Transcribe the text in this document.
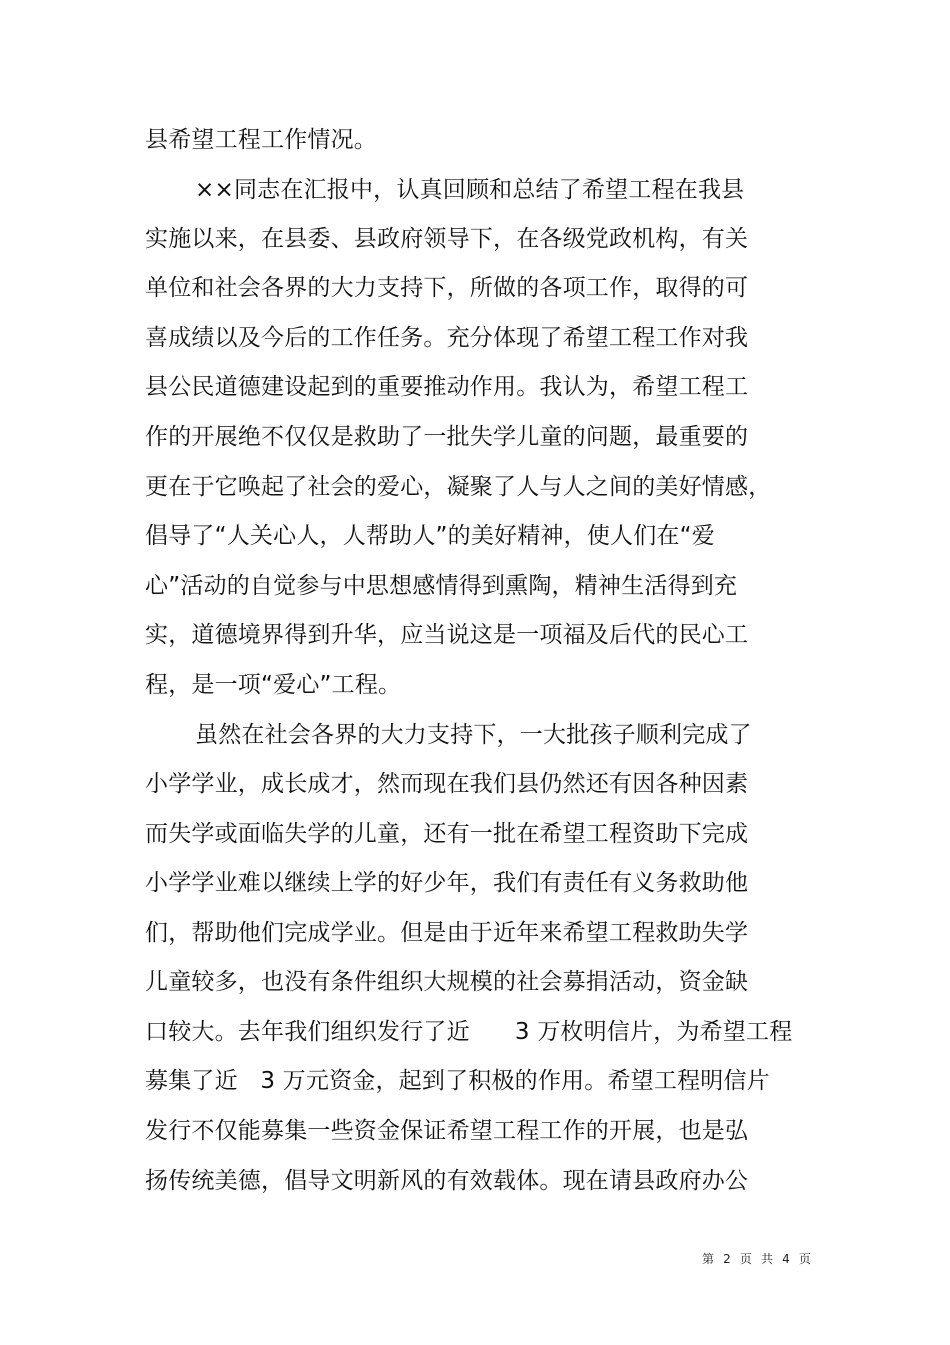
县希望工程工作情况。
××同志在汇报中，认真回顾和总结了希望工程在我县
实施以来，在县委、县政府领导下，在各级党政机构，有关
单位和社会各界的大力支持下，所做的各项工作，取得的可
喜成绩以及今后的工作任务。充分体现了希望工程工作对我
县公民道德建设起到的重要推动作用。我认为，希望工程工
作的开展绝不仅仅是救助了一批失学儿童的问题，最重要的
更在于它唤起了社会的爱心，凝聚了人与人之间的美好情感，
倡导了“人关心人，人帮助人”的美好精神，使人们在“爱
心”活动的自觉参与中思想感情得到熏陶，精神生活得到充
实，道德境界得到升华，应当说这是一项福及后代的民心工
程，是一项“爱心”工程。
虽然在社会各界的大力支持下，一大批孩子顺利完成了
小学学业，成长成才，然而现在我们县仍然还有因各种因素
而失学或面临失学的儿童，还有一批在希望工程资助下完成
小学学业难以继续上学的好少年，我们有责任有义务救助他
们，帮助他们完成学业。但是由于近年来希望工程救助失学
儿童较多，也没有条件组织大规模的社会募捐活动，资金缺
口较大。去年我们组织发行了近      3 万枚明信片，为希望工程
募集了近   3 万元资金，起到了积极的作用。希望工程明信片
发行不仅能募集一些资金保证希望工程工作的开展，也是弘
扬传统美德，倡导文明新风的有效载体。现在请县政府办公
第  2  页  共  4  页
